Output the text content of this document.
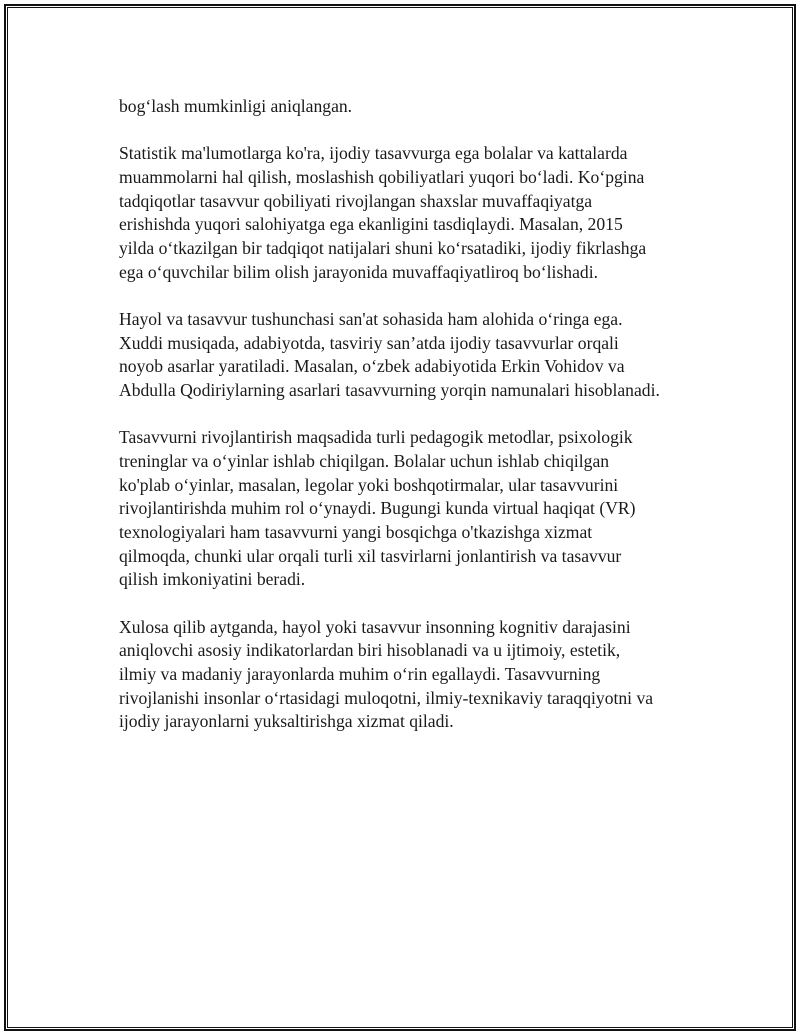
bog‘lash mumkinligi aniqlangan.

Statistik ma'lumotlarga ko'ra, ijodiy tasavvurga ega bolalar va kattalarda
muammolarni hal qilish, moslashish qobiliyatlari yuqori bo‘ladi. Ko‘pgina
tadqiqotlar tasavvur qobiliyati rivojlangan shaxslar muvaffaqiyatga
erishishda yuqori salohiyatga ega ekanligini tasdiqlaydi. Masalan, 2015
yilda o‘tkazilgan bir tadqiqot natijalari shuni ko‘rsatadiki, ijodiy fikrlashga
ega o‘quvchilar bilim olish jarayonida muvaffaqiyatliroq bo‘lishadi.

Hayol va tasavvur tushunchasi san'at sohasida ham alohida o‘ringa ega.
Xuddi musiqada, adabiyotda, tasviriy san’atda ijodiy tasavvurlar orqali
noyob asarlar yaratiladi. Masalan, o‘zbek adabiyotida Erkin Vohidov va
Abdulla Qodiriylarning asarlari tasavvurning yorqin namunalari hisoblanadi.

Tasavvurni rivojlantirish maqsadida turli pedagogik metodlar, psixologik
treninglar va o‘yinlar ishlab chiqilgan. Bolalar uchun ishlab chiqilgan
ko'plab o‘yinlar, masalan, legolar yoki boshqotirmalar, ular tasavvurini
rivojlantirishda muhim rol o‘ynaydi. Bugungi kunda virtual haqiqat (VR)
texnologiyalari ham tasavvurni yangi bosqichga o'tkazishga xizmat
qilmoqda, chunki ular orqali turli xil tasvirlarni jonlantirish va tasavvur
qilish imkoniyatini beradi.

Xulosa qilib aytganda, hayol yoki tasavvur insonning kognitiv darajasini
aniqlovchi asosiy indikatorlardan biri hisoblanadi va u ijtimoiy, estetik,
ilmiy va madaniy jarayonlarda muhim o‘rin egallaydi. Tasavvurning
rivojlanishi insonlar o‘rtasidagi muloqotni, ilmiy-texnikaviy taraqqiyotni va
ijodiy jarayonlarni yuksaltirishga xizmat qiladi.
